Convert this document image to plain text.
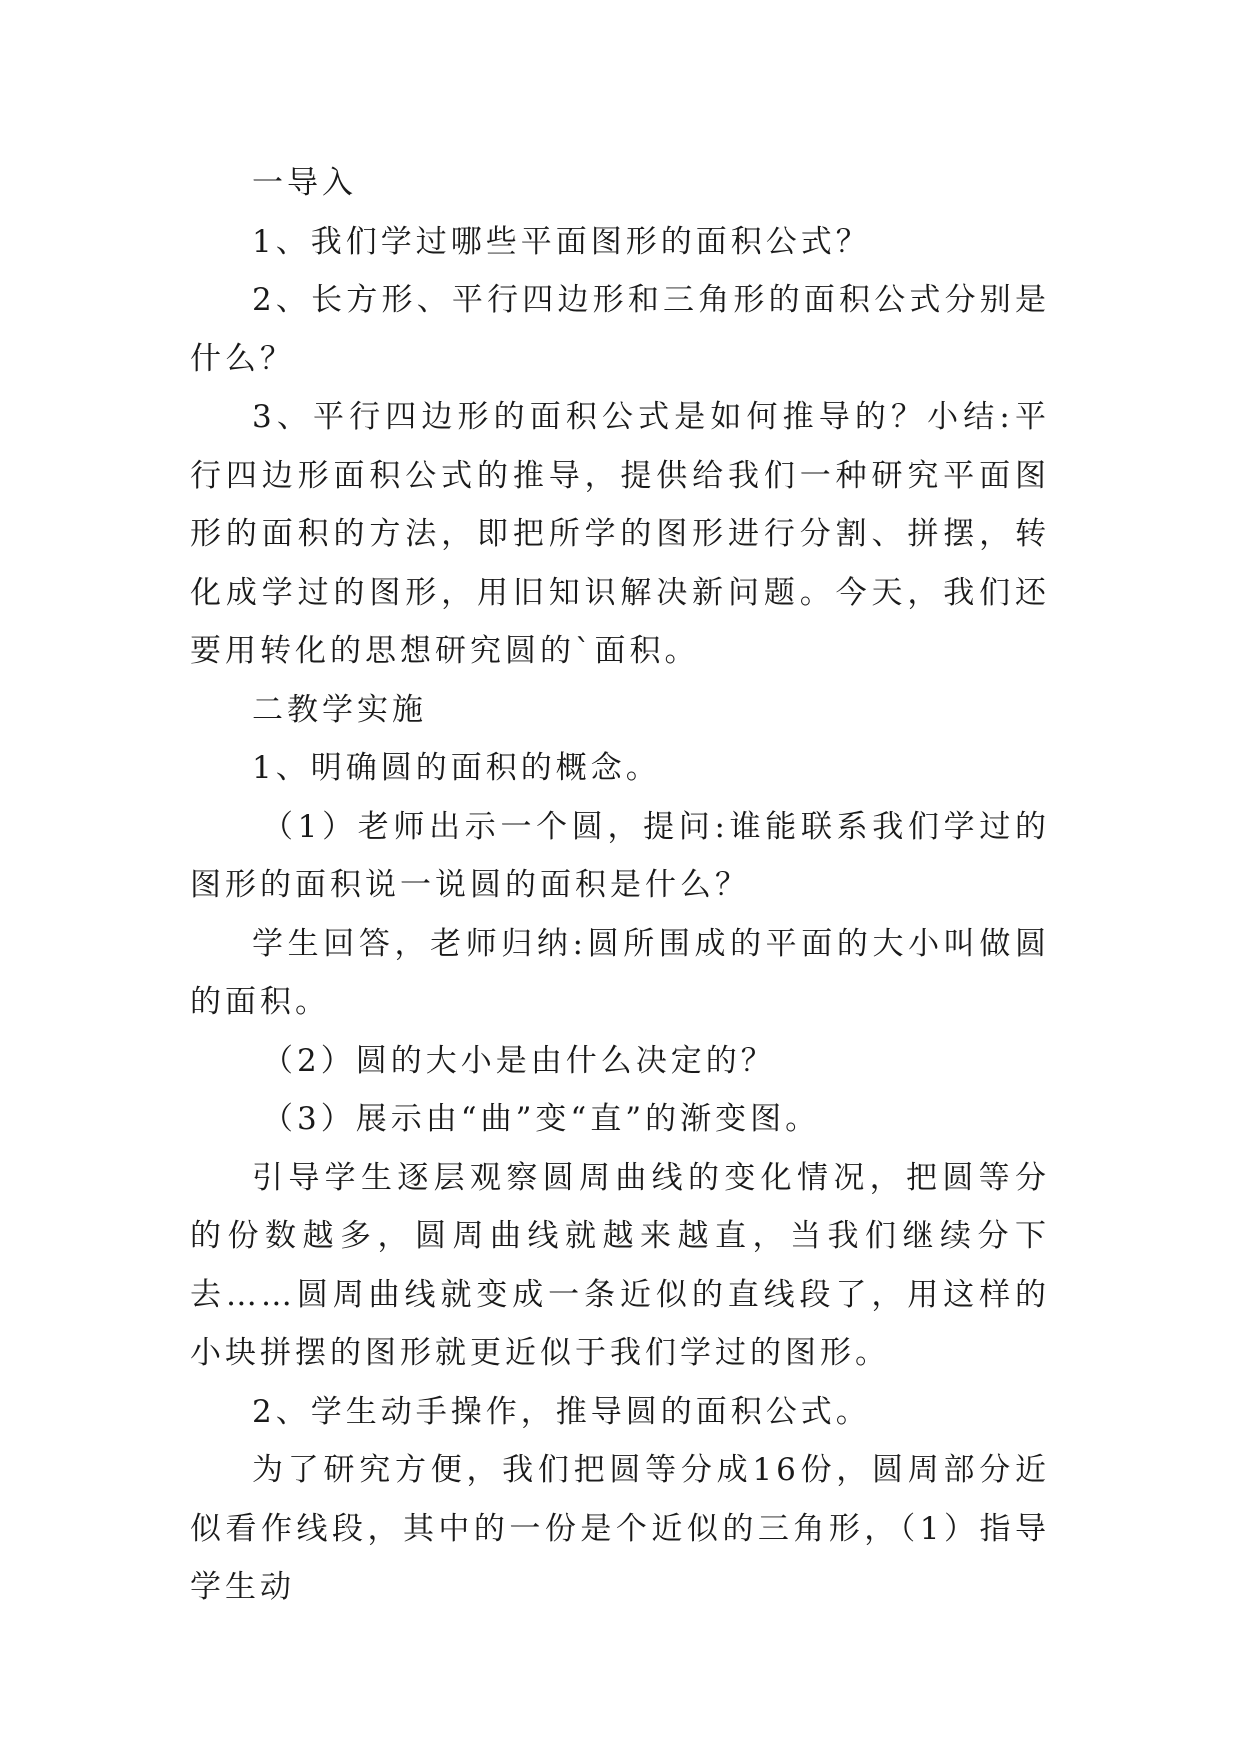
一导入

1、我们学过哪些平面图形的面积公式？

2、长方形、平行四边形和三角形的面积公式分别是什么？

3、平行四边形的面积公式是如何推导的？小结:平行四边形面积公式的推导，提供给我们一种研究平面图形的面积的方法，即把所学的图形进行分割、拼摆，转化成学过的图形，用旧知识解决新问题。今天，我们还要用转化的思想研究圆的`面积。

二教学实施

1、明确圆的面积的概念。

（1）老师出示一个圆，提问:谁能联系我们学过的图形的面积说一说圆的面积是什么？

学生回答，老师归纳:圆所围成的平面的大小叫做圆的面积。

（2）圆的大小是由什么决定的？

（3）展示由“曲”变“直”的渐变图。

引导学生逐层观察圆周曲线的变化情况，把圆等分的份数越多，圆周曲线就越来越直，当我们继续分下去……圆周曲线就变成一条近似的直线段了，用这样的小块拼摆的图形就更近似于我们学过的图形。

2、学生动手操作，推导圆的面积公式。

为了研究方便，我们把圆等分成16份，圆周部分近似看作线段，其中的一份是个近似的三角形，（1）指导学生动
